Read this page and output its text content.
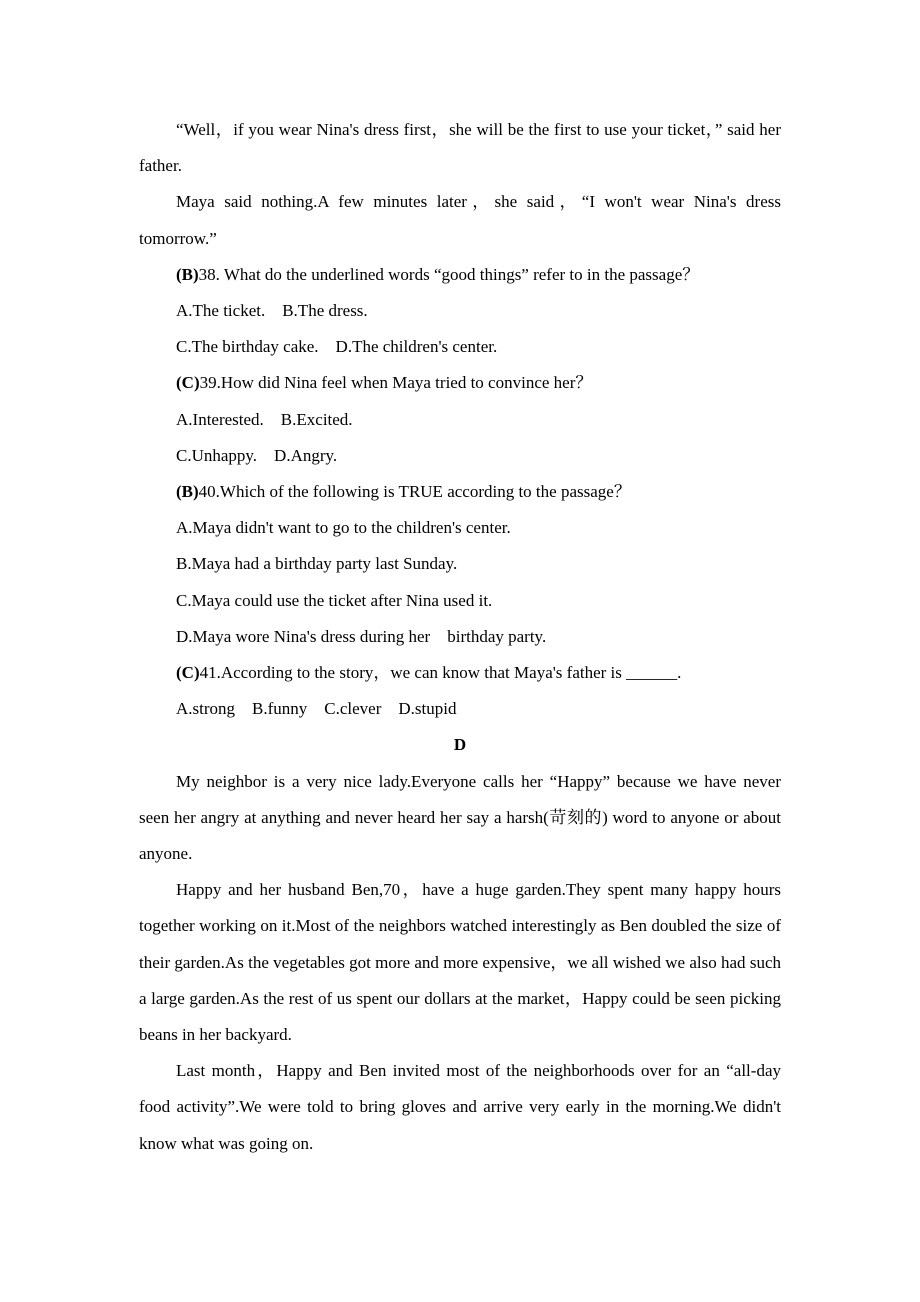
“Well，if you wear Nina's dress first，she will be the first to use your ticket，” said her father.

Maya said nothing.A few minutes later，she said，“I won't wear Nina's dress tomorrow.”

(B)38. What do the underlined words “good things” refer to in the passage？

A.The ticket.    B.The dress.

C.The birthday cake.    D.The children's center.

(C)39.How did Nina feel when Maya tried to convince her？

A.Interested.    B.Excited.

C.Unhappy.    D.Angry.

(B)40.Which of the following is TRUE according to the passage？

A.Maya didn't want to go to the children's center.

B.Maya had a birthday party last Sunday.

C.Maya could use the ticket after Nina used it.

D.Maya wore Nina's dress during her    birthday party.

(C)41.According to the story，we can know that Maya's father is ______.

A.strong    B.funny    C.clever    D.stupid

D

My neighbor is a very nice lady.Everyone calls her “Happy” because we have never seen her angry at anything and never heard her say a harsh(苛刻的) word to anyone or about anyone.

Happy and her husband Ben,70，have a huge garden.They spent many happy hours together working on it.Most of the neighbors watched interestingly as Ben doubled the size of their garden.As the vegetables got more and more expensive，we all wished we also had such a large garden.As the rest of us spent our dollars at the market，Happy could be seen picking beans in her backyard.

Last month，Happy and Ben invited most of the neighborhoods over for an “all-day food activity”.We were told to bring gloves and arrive very early in the morning.We didn't know what was going on.
